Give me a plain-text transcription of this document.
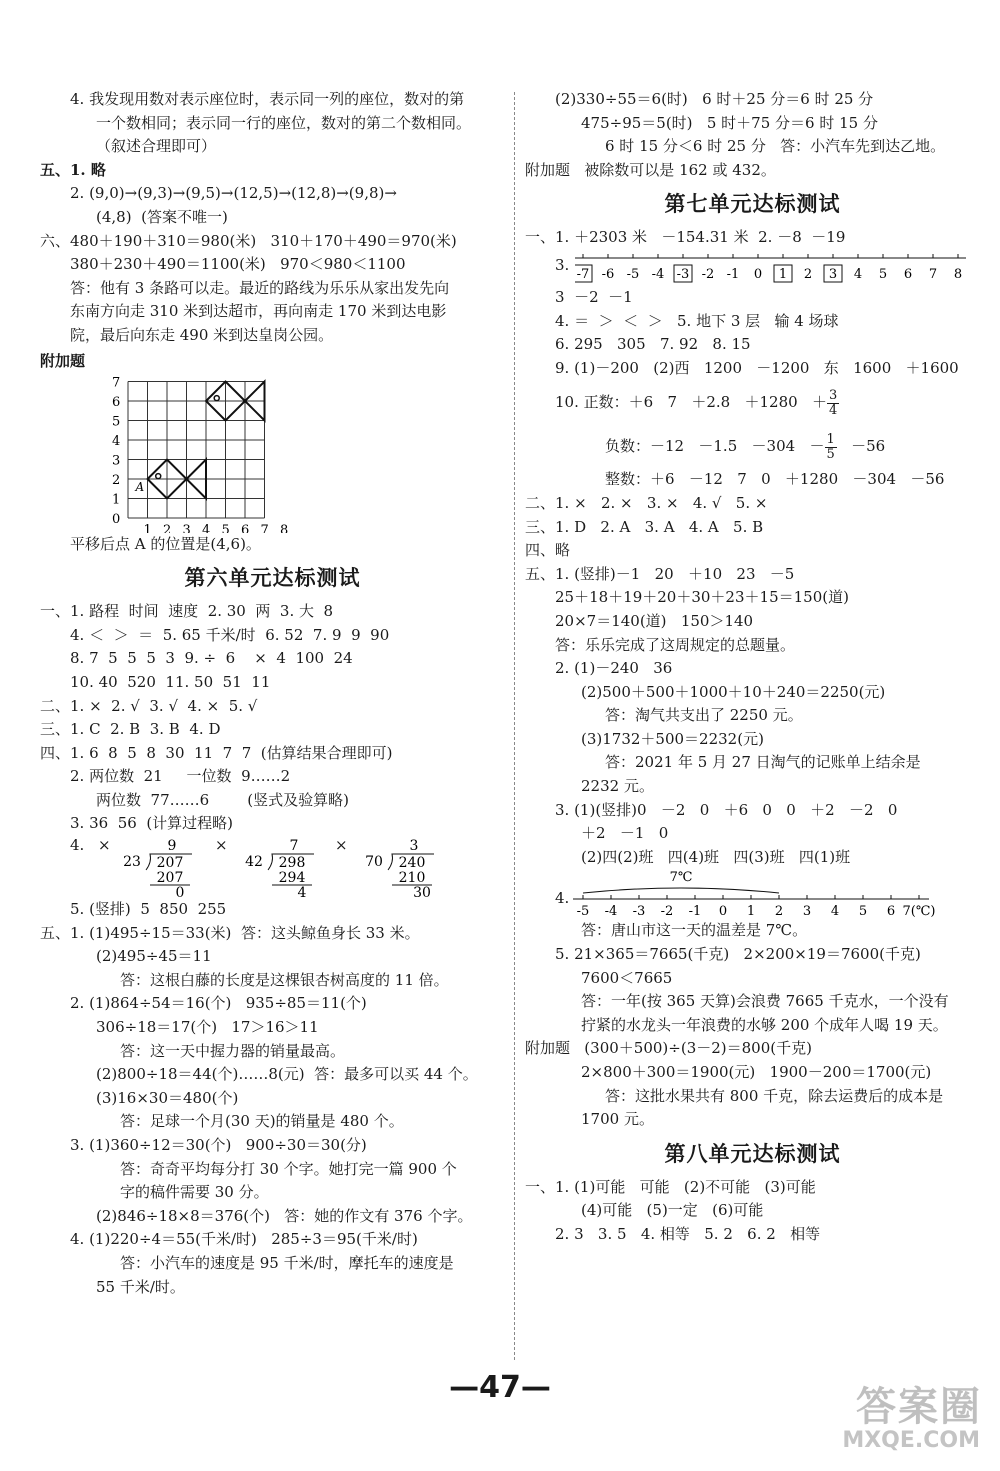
4. 我发现用数对表示座位时，表示同一列的座位，数对的第
一个数相同；表示同一行的座位，数对的第二个数相同。
（叙述合理即可）
五、1. 略
2. (9,0)→(9,3)→(9,5)→(12,5)→(12,8)→(9,8)→
(4,8)  (答案不唯一)
六、480＋190＋310＝980(米)   310＋170＋490＝970(米)
380＋230＋490＝1100(米)   970＜980＜1100
答：他有 3 条路可以走。最近的路线为乐乐从家出发先向
东南方向走 310 米到达超市，再向南走 170 米到达电影
院，最后向东走 490 米到达皇岗公园。
附加题
7
6
5
4
3
2
1
0
1 2 3 4 5 6 7 8
A
平移后点 A 的位置是(4,6)。
第六单元达标测试
一、1. 路程  时间  速度  2. 30  两  3. 大  8
4. ＜  ＞  ＝  5. 65 千米/时  6. 52  7. 9  9  90
8. 7  5  5  5  3  9. ÷  6    ×  4  100  24
10. 40  520  11. 50  51  11
二、1. ×  2. √  3. √  4. ×  5. √
三、1. C  2. B  3. B  4. D
四、1. 6  8  5  8  30  11  7  7  (估算结果合理即可)
2. 两位数  21     一位数  9……2
两位数  77……6        (竖式及验算略)
3. 36  56  (计算过程略)
4. ×	×	×
9
23 207
207
0
7
42 298
294
4
3
70 240
210
30
5. (竖排)  5  850  255
五、1. (1)495÷15＝33(米)  答：这头鲸鱼身长 33 米。
(2)495÷45＝11
答：这根白藤的长度是这棵银杏树高度的 11 倍。
2. (1)864÷54＝16(个)   935÷85＝11(个)
306÷18＝17(个)   17＞16＞11
答：这一天中握力器的销量最高。
(2)800÷18＝44(个)……8(元)  答：最多可以买 44 个。
(3)16×30＝480(个)
答：足球一个月(30 天)的销量是 480 个。
3. (1)360÷12＝30(个)   900÷30＝30(分)
答：奇奇平均每分打 30 个字。她打完一篇 900 个
字的稿件需要 30 分。
(2)846÷18×8＝376(个)   答：她的作文有 376 个字。
4. (1)220÷4＝55(千米/时)   285÷3＝95(千米/时)
答：小汽车的速度是 95 千米/时，摩托车的速度是
55 千米/时。
(2)330÷55＝6(时)   6 时＋25 分＝6 时 25 分
475÷95＝5(时)   5 时＋75 分＝6 时 15 分
6 时 15 分＜6 时 25 分   答：小汽车先到达乙地。
附加题   被除数可以是 162 或 432。
第七单元达标测试
一、1. ＋2303 米   －154.31 米  2. －8  －19
3.
-7 -6 -5 -4 -3 -2 -1 0 1 2 3 4 5 6 7 8
3  －2  －1
4. ＝  ＞  ＜  ＞   5. 地下 3 层   输 4 场球
6. 295   305   7. 92   8. 15
9. (1)－200   (2)西   1200   －1200   东   1600   ＋1600
10. 正数：＋6   $7 +2.8 +1280 + \frac{3}{4}$
负数：$-12 -1.5 -304 - \frac{1}{5} -56$
整数：＋6   －12   7   0   ＋1280   －304   －56
二、1. ×   2. ×   3. ×   4. √   5. ×
三、1. D   2. A   3. A   4. A   5. B
四、略
五、1. (竖排)－1   20   ＋10   23   －5
25＋18＋19＋20＋30＋23＋15＝150(道)
20×7＝140(道)   150＞140
答：乐乐完成了这周规定的总题量。
2. (1)－240   36
(2)500＋500＋1000＋10＋240＝2250(元)
答：淘气共支出了 2250 元。
(3)1732＋500＝2232(元)
答：2021 年 5 月 27 日淘气的记账单上结余是
2232 元。
3. (1)(竖排)0   －2   0   ＋6   0   0   ＋2   －2   0
＋2   －1   0
(2)四(2)班   四(4)班   四(3)班   四(1)班
4.
-5 -4 -3 -2 -1 0 1 2 3 4 5 6 7(℃)
7℃
答：唐山市这一天的温差是 7℃。
5. 21×365＝7665(千克)   2×200×19＝7600(千克)
7600＜7665
答：一年(按 365 天算)会浪费 7665 千克水，一个没有
拧紧的水龙头一年浪费的水够 200 个成年人喝 19 天。
附加题   (300＋500)÷(3－2)＝800(千克)
2×800＋300＝1900(元)   1900－200＝1700(元)
答：这批水果共有 800 千克，除去运费后的成本是
1700 元。
第八单元达标测试
一、1. (1)可能   可能   (2)不可能   (3)可能
(4)可能   (5)一定   (6)可能
2. 3   3. 5   4. 相等   5. 2   6. 2   相等
—47—	答案圈
MXQE.COM
